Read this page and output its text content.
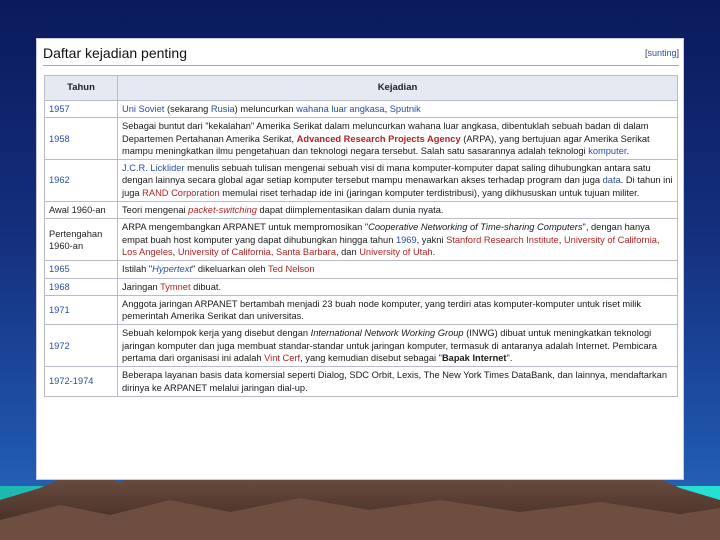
Daftar kejadian penting	[sunting]
Tahun	Kejadian
1957	Uni Soviet (sekarang Rusia) meluncurkan wahana luar angkasa, Sputnik
1958	Sebagai buntut dari "kekalahan" Amerika Serikat dalam meluncurkan wahana luar angkasa, dibentuklah sebuah badan di dalam Departemen Pertahanan Amerika Serikat, Advanced Research Projects Agency (ARPA), yang bertujuan agar Amerika Serikat mampu meningkatkan ilmu pengetahuan dan teknologi negara tersebut. Salah satu sasarannya adalah teknologi komputer.
1962	J.C.R. Licklider menulis sebuah tulisan mengenai sebuah visi di mana komputer-komputer dapat saling dihubungkan antara satu dengan lainnya secara global agar setiap komputer tersebut mampu menawarkan akses terhadap program dan juga data. Di tahun ini juga RAND Corporation memulai riset terhadap ide ini (jaringan komputer terdistribusi), yang dikhususkan untuk tujuan militer.
Awal 1960-an	Teori mengenai packet-switching dapat diimplementasikan dalam dunia nyata.
Pertengahan 1960-an	ARPA mengembangkan ARPANET untuk mempromosikan "Cooperative Networking of Time-sharing Computers", dengan hanya empat buah host komputer yang dapat dihubungkan hingga tahun 1969, yakni Stanford Research Institute, University of California, Los Angeles, University of California, Santa Barbara, dan University of Utah.
1965	Istilah "Hypertext" dikeluarkan oleh Ted Nelson
1968	Jaringan Tymnet dibuat.
1971	Anggota jaringan ARPANET bertambah menjadi 23 buah node komputer, yang terdiri atas komputer-komputer untuk riset milik pemerintah Amerika Serikat dan universitas.
1972	Sebuah kelompok kerja yang disebut dengan International Network Working Group (INWG) dibuat untuk meningkatkan teknologi jaringan komputer dan juga membuat standar-standar untuk jaringan komputer, termasuk di antaranya adalah Internet. Pembicara pertama dari organisasi ini adalah Vint Cerf, yang kemudian disebut sebagai "Bapak Internet".
1972-1974	Beberapa layanan basis data komersial seperti Dialog, SDC Orbit, Lexis, The New York Times DataBank, dan lainnya, mendaftarkan dirinya ke ARPANET melalui jaringan dial-up.
